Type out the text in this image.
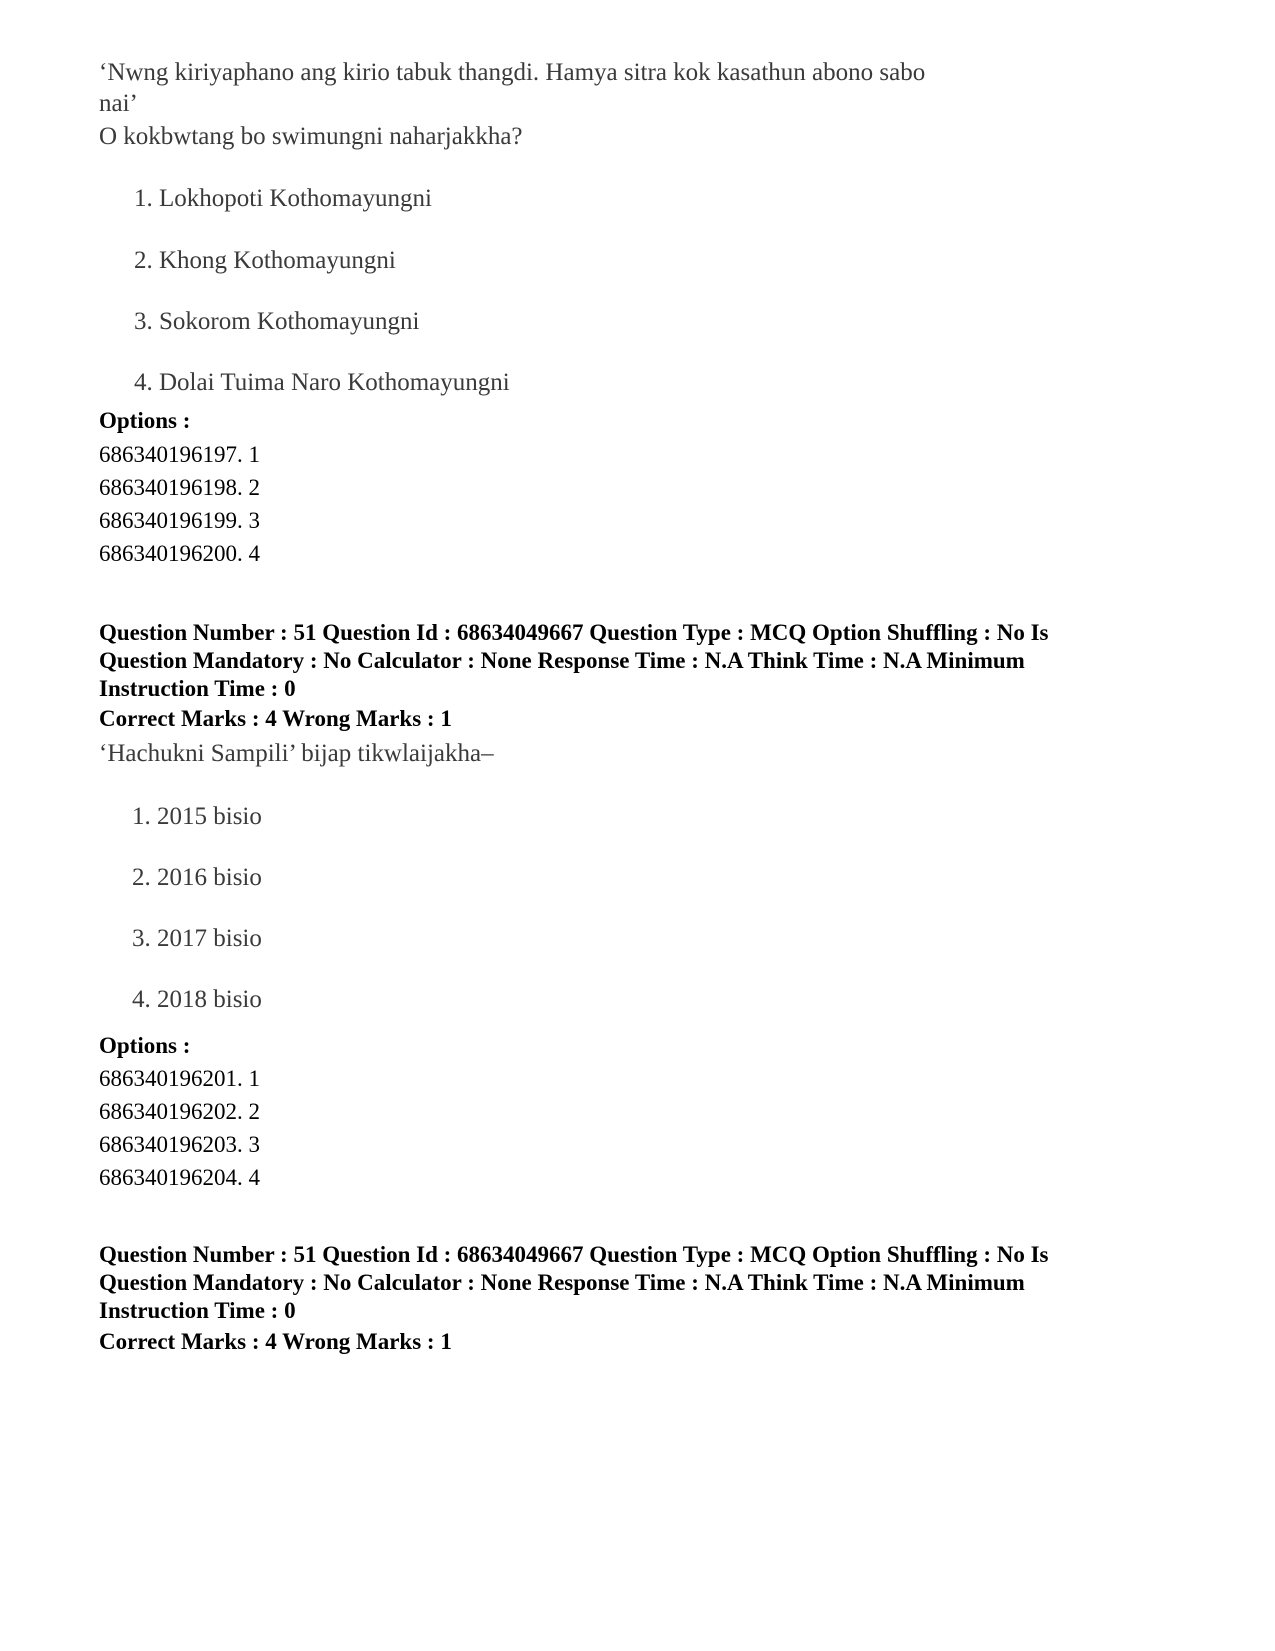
‘Nwng kiriyaphano ang kirio tabuk thangdi. Hamya sitra kok kasathun abono sabo
nai’
O kokbwtang bo swimungni naharjakkha?
1. Lokhopoti Kothomayungni
2. Khong Kothomayungni
3. Sokorom Kothomayungni
4. Dolai Tuima Naro Kothomayungni
Options :
686340196197. 1
686340196198. 2
686340196199. 3
686340196200. 4
Question Number : 51 Question Id : 68634049667 Question Type : MCQ Option Shuffling : No Is
Question Mandatory : No Calculator : None Response Time : N.A Think Time : N.A Minimum
Instruction Time : 0
Correct Marks : 4 Wrong Marks : 1
‘Hachukni Sampili’ bijap tikwlaijakha–
1. 2015 bisio
2. 2016 bisio
3. 2017 bisio
4. 2018 bisio
Options :
686340196201. 1
686340196202. 2
686340196203. 3
686340196204. 4
Question Number : 51 Question Id : 68634049667 Question Type : MCQ Option Shuffling : No Is
Question Mandatory : No Calculator : None Response Time : N.A Think Time : N.A Minimum
Instruction Time : 0
Correct Marks : 4 Wrong Marks : 1
